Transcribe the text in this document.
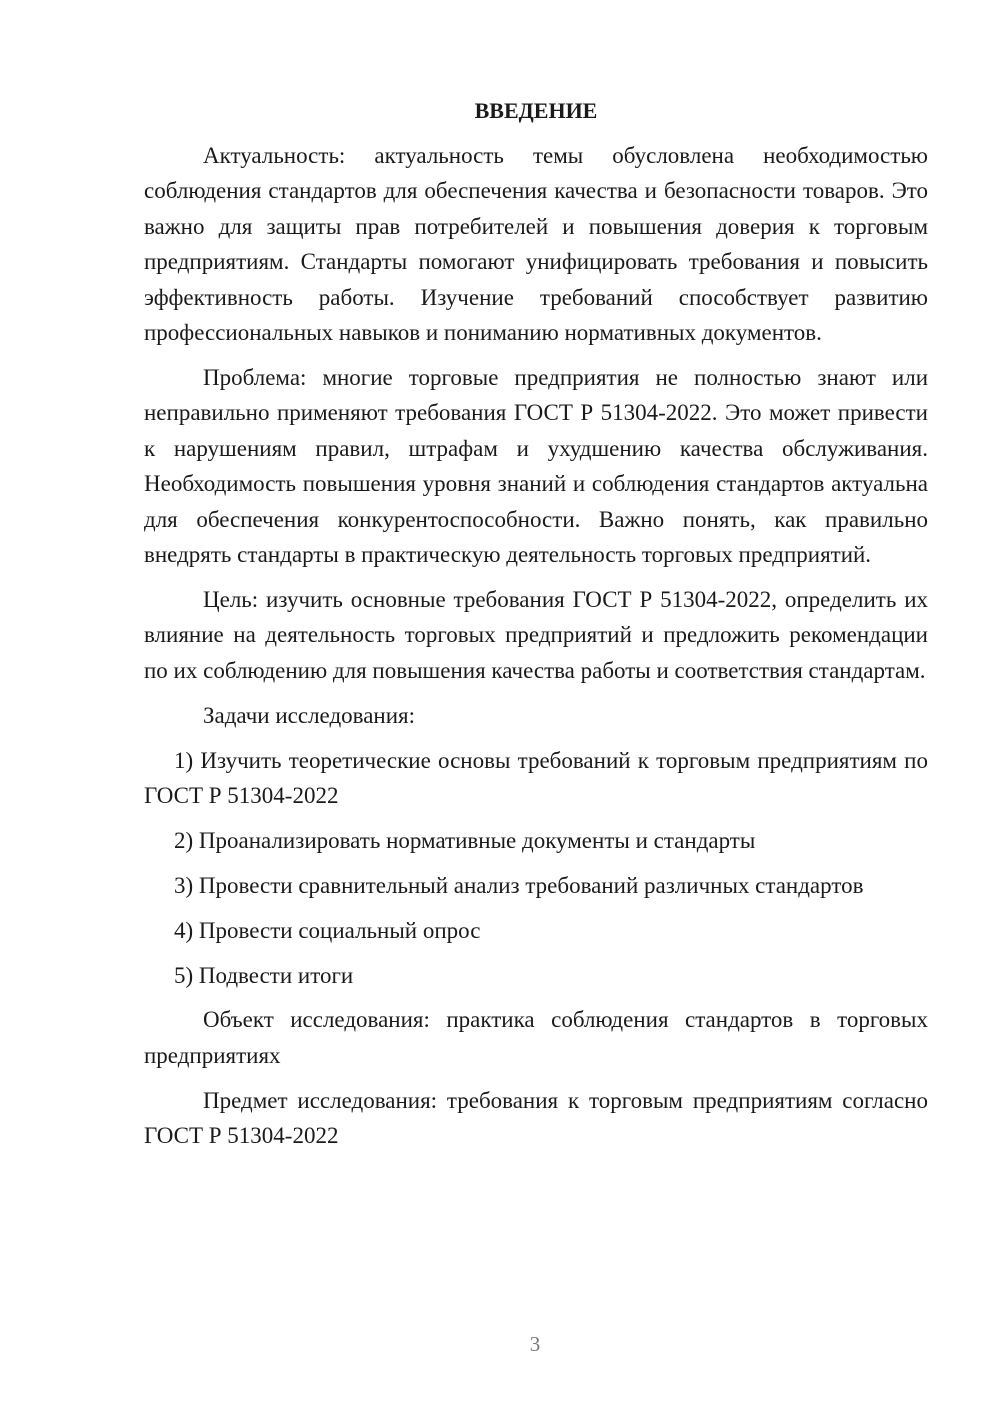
ВВЕДЕНИЕ

Актуальность: актуальность темы обусловлена необходимостью соблюдения стандартов для обеспечения качества и безопасности товаров. Это важно для защиты прав потребителей и повышения доверия к торговым предприятиям. Стандарты помогают унифицировать требования и повысить эффективность работы. Изучение требований способствует развитию профессиональных навыков и пониманию нормативных документов.

Проблема: многие торговые предприятия не полностью знают или неправильно применяют требования ГОСТ Р 51304-2022. Это может привести к нарушениям правил, штрафам и ухудшению качества обслуживания. Необходимость повышения уровня знаний и соблюдения стандартов актуальна для обеспечения конкурентоспособности. Важно понять, как правильно внедрять стандарты в практическую деятельность торговых предприятий.

Цель: изучить основные требования ГОСТ Р 51304-2022, определить их влияние на деятельность торговых предприятий и предложить рекомендации по их соблюдению для повышения качества работы и соответствия стандартам.

Задачи исследования:

1) Изучить теоретические основы требований к торговым предприятиям по ГОСТ Р 51304-2022

2) Проанализировать нормативные документы и стандарты

3) Провести сравнительный анализ требований различных стандартов

4) Провести социальный опрос

5) Подвести итоги

Объект исследования: практика соблюдения стандартов в торговых предприятиях

Предмет исследования: требования к торговым предприятиям согласно ГОСТ Р 51304-2022

3
